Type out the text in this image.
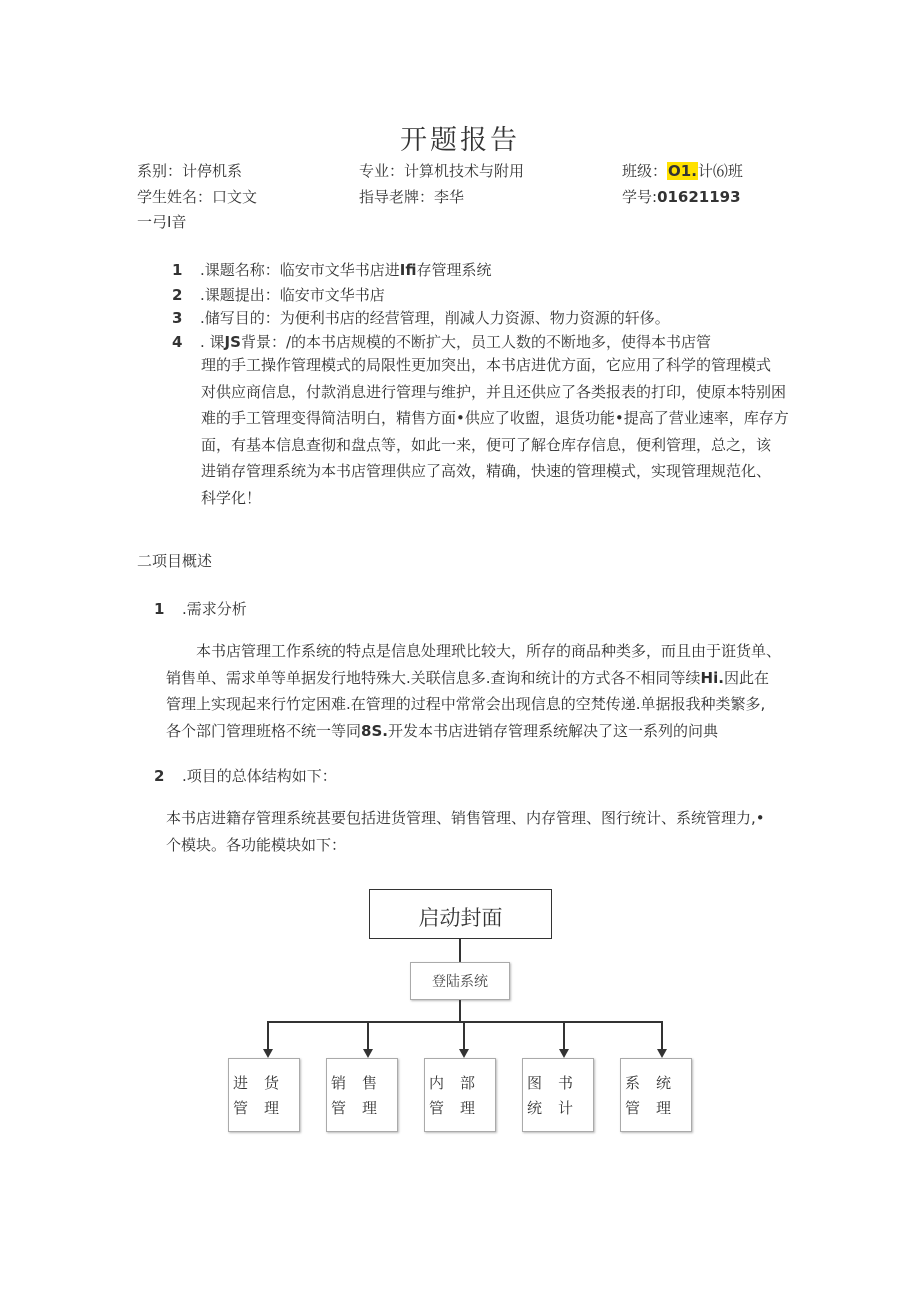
开题报告
系别：计停机系	专业：计算机技术与附用	班级：O1.计⑹班
学生姓名：口文文	指导老牌：李华	学号:01621193
一弓I音
1 .课题名称：临安市文华书店进Ifi存管理系统
2 .课题提出：临安市文华书店
3 .储写目的：为便利书店的经营管理，削减人力资源、物力资源的轩侈。
4 . 课JS背景：/的本书店规模的不断扩大，员工人数的不断地多，使得本书店管
理的手工操作管理模式的局限性更加突出，本书店进优方面，它应用了科学的管理模式
对供应商信息，付款消息进行管理与维护，并且还供应了各类报表的打印，使原本特别困
难的手工管理变得简洁明白，精售方面•供应了收盥，退货功能•提高了营业速率，库存方
面，有基本信息查彻和盘点等，如此一来，便可了解仓库存信息，便利管理，总之，该
进销存管理系统为本书店管理供应了高效，精确，快速的管理模式，实现管理规范化、
科学化！
二项目概述
1 .需求分析
本书店管理工作系统的特点是信息处理玳比较大，所存的商品种类多，而且由于诳货单、
销售单、需求单等单据发行地特殊大.关联信息多.查询和统计的方式各不相同等续Hi.因此在
管理上实现起来行竹定困难.在管理的过程中常常会出现信息的空梵传递.单据报我种类繁多,
各个部门管理班格不统一等同8S.开发本书店进销存管理系统解决了这一系列的问典
2 .项目的总体结构如下：
本书店进籍存管理系统甚要包括进货管理、销售管理、内存管理、图行统计、系统管理力,•
个模块。各功能模块如下：
启动封面
登陆系统
进货
管理
销售
管理
内部
管理
图书
统计
系统
管理
